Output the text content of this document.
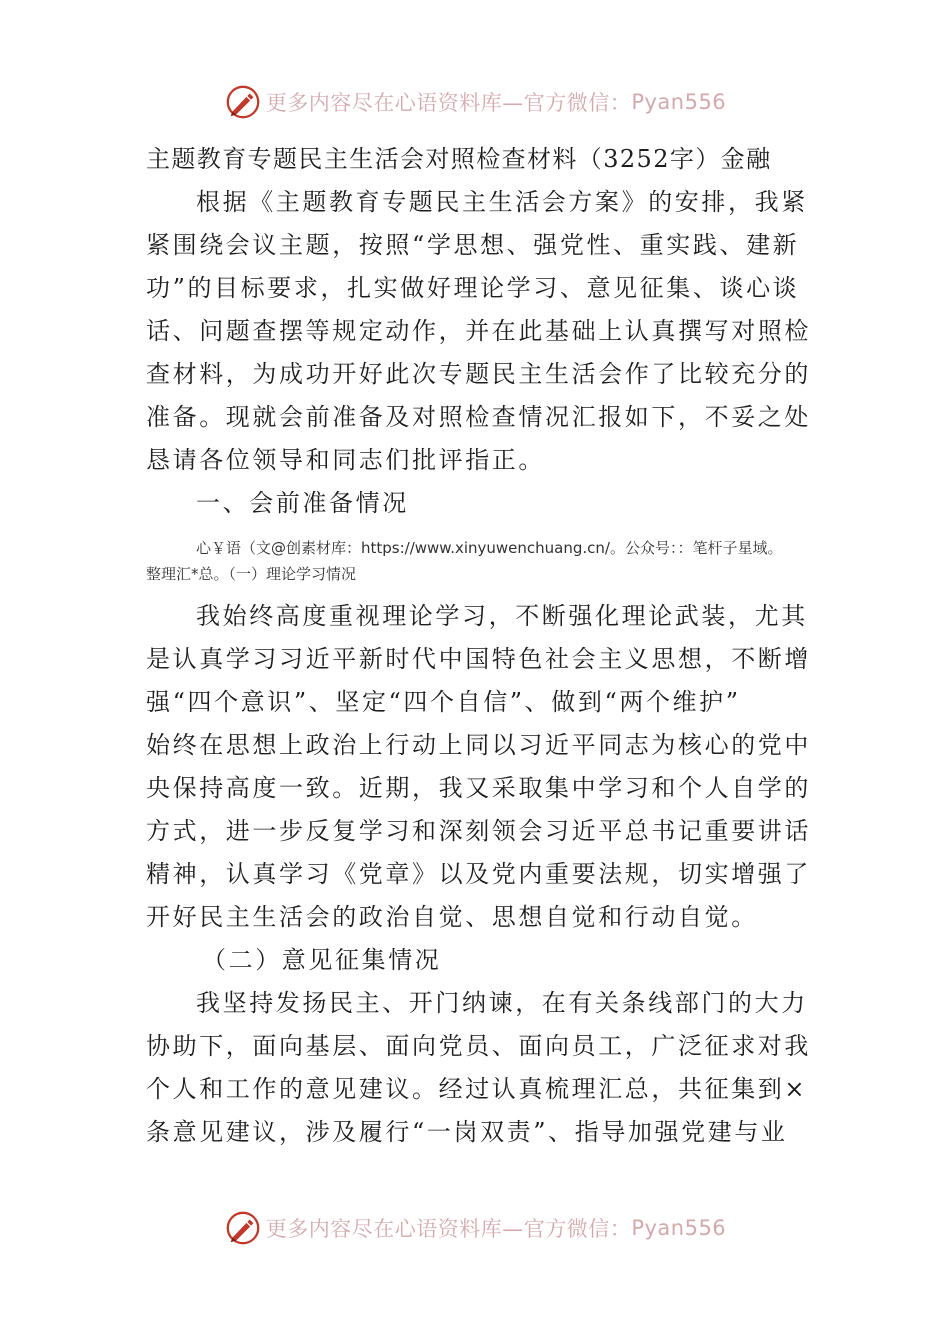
更多内容尽在心语资料库—官方微信： Pyan556
主题教育专题民主生活会对照检查材料（3252字）金融
根据《主题教育专题民主生活会方案》的安排，我紧
紧围绕会议主题，按照“学思想、强党性、重实践、建新
功”的目标要求，扎实做好理论学习、意见征集、谈心谈
话、问题查摆等规定动作，并在此基础上认真撰写对照检
查材料，为成功开好此次专题民主生活会作了比较充分的
准备。现就会前准备及对照检查情况汇报如下，不妥之处
恳请各位领导和同志们批评指正。
一、会前准备情况
心￥语（文@创素材库：https://www.xinyuwenchuang.cn/。公众号：：笔杆子星域。
整理汇*总。（一）理论学习情况
我始终高度重视理论学习，不断强化理论武装，尤其
是认真学习习近平新时代中国特色社会主义思想，不断增
强“四个意识”、坚定“四个自信”、做到“两个维护”
始终在思想上政治上行动上同以习近平同志为核心的党中
央保持高度一致。近期，我又采取集中学习和个人自学的
方式，进一步反复学习和深刻领会习近平总书记重要讲话
精神，认真学习《党章》以及党内重要法规，切实增强了
开好民主生活会的政治自觉、思想自觉和行动自觉。
（二）意见征集情况
我坚持发扬民主、开门纳谏，在有关条线部门的大力
协助下，面向基层、面向党员、面向员工，广泛征求对我
个人和工作的意见建议。经过认真梳理汇总，共征集到×
条意见建议，涉及履行“一岗双责”、指导加强党建与业
更多内容尽在心语资料库—官方微信： Pyan556
